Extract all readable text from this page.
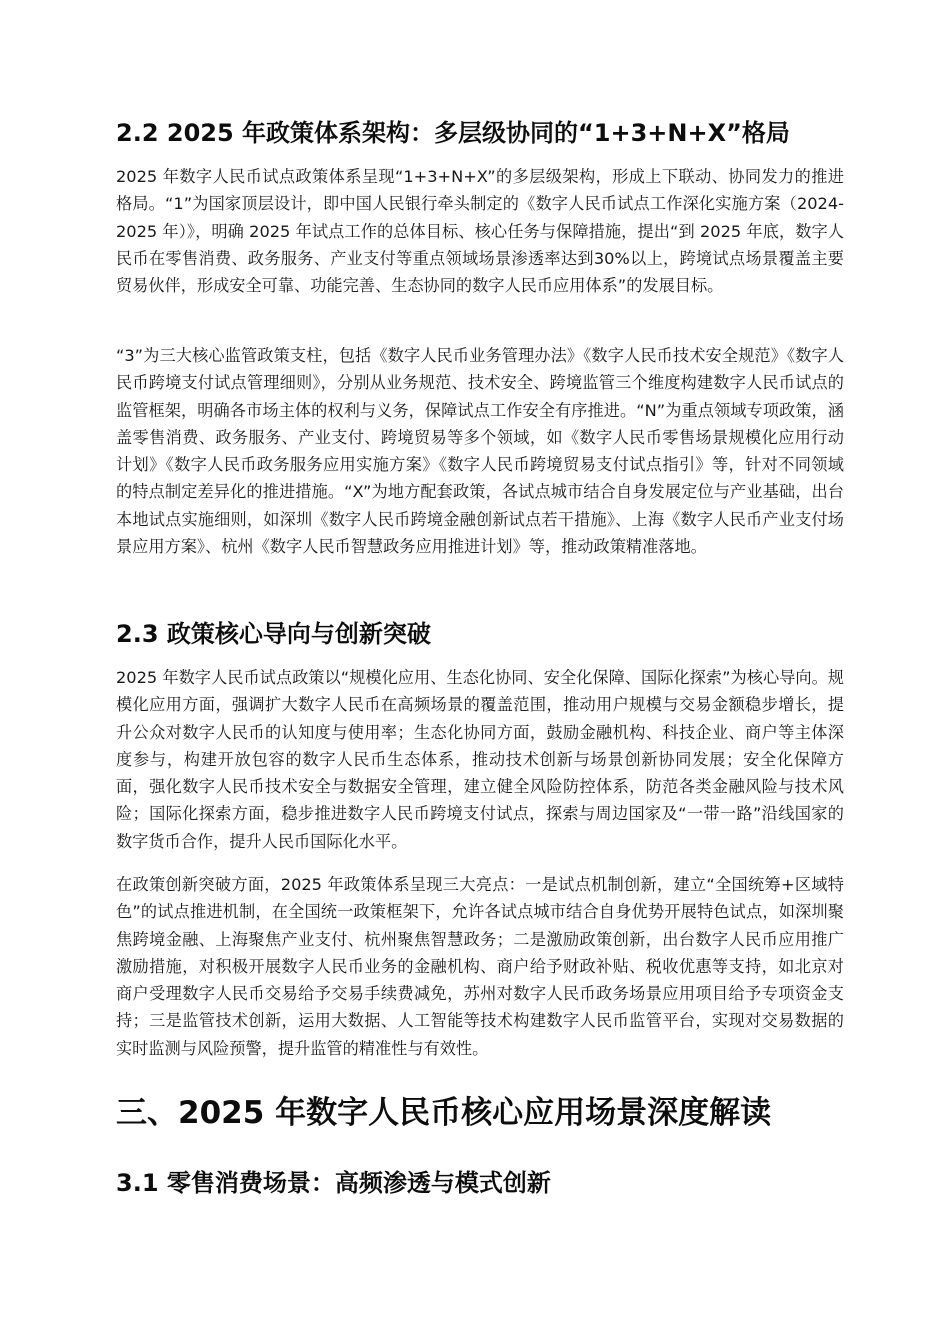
2.2 2025 年政策体系架构：多层级协同的“1+3+N+X”格局

2025 年数字人民币试点政策体系呈现“1+3+N+X”的多层级架构，形成上下联动、协同发力的推进格局。“1”为国家顶层设计，即中国人民银行牵头制定的《数字人民币试点工作深化实施方案（2024-2025 年）》，明确 2025 年试点工作的总体目标、核心任务与保障措施，提出“到 2025 年底，数字人民币在零售消费、政务服务、产业支付等重点领域场景渗透率达到30%以上，跨境试点场景覆盖主要贸易伙伴，形成安全可靠、功能完善、生态协同的数字人民币应用体系”的发展目标。

“3”为三大核心监管政策支柱，包括《数字人民币业务管理办法》《数字人民币技术安全规范》《数字人民币跨境支付试点管理细则》，分别从业务规范、技术安全、跨境监管三个维度构建数字人民币试点的监管框架，明确各市场主体的权利与义务，保障试点工作安全有序推进。“N”为重点领域专项政策，涵盖零售消费、政务服务、产业支付、跨境贸易等多个领域，如《数字人民币零售场景规模化应用行动计划》《数字人民币政务服务应用实施方案》《数字人民币跨境贸易支付试点指引》等，针对不同领域的特点制定差异化的推进措施。“X”为地方配套政策，各试点城市结合自身发展定位与产业基础，出台本地试点实施细则，如深圳《数字人民币跨境金融创新试点若干措施》、上海《数字人民币产业支付场景应用方案》、杭州《数字人民币智慧政务应用推进计划》等，推动政策精准落地。

2.3 政策核心导向与创新突破

2025 年数字人民币试点政策以“规模化应用、生态化协同、安全化保障、国际化探索”为核心导向。规模化应用方面，强调扩大数字人民币在高频场景的覆盖范围，推动用户规模与交易金额稳步增长，提升公众对数字人民币的认知度与使用率；生态化协同方面，鼓励金融机构、科技企业、商户等主体深度参与，构建开放包容的数字人民币生态体系，推动技术创新与场景创新协同发展；安全化保障方面，强化数字人民币技术安全与数据安全管理，建立健全风险防控体系，防范各类金融风险与技术风险；国际化探索方面，稳步推进数字人民币跨境支付试点，探索与周边国家及“一带一路”沿线国家的数字货币合作，提升人民币国际化水平。

在政策创新突破方面，2025 年政策体系呈现三大亮点：一是试点机制创新，建立“全国统筹+区域特色”的试点推进机制，在全国统一政策框架下，允许各试点城市结合自身优势开展特色试点，如深圳聚焦跨境金融、上海聚焦产业支付、杭州聚焦智慧政务；二是激励政策创新，出台数字人民币应用推广激励措施，对积极开展数字人民币业务的金融机构、商户给予财政补贴、税收优惠等支持，如北京对商户受理数字人民币交易给予交易手续费减免，苏州对数字人民币政务场景应用项目给予专项资金支持；三是监管技术创新，运用大数据、人工智能等技术构建数字人民币监管平台，实现对交易数据的实时监测与风险预警，提升监管的精准性与有效性。

三、2025 年数字人民币核心应用场景深度解读
3.1 零售消费场景：高频渗透与模式创新
